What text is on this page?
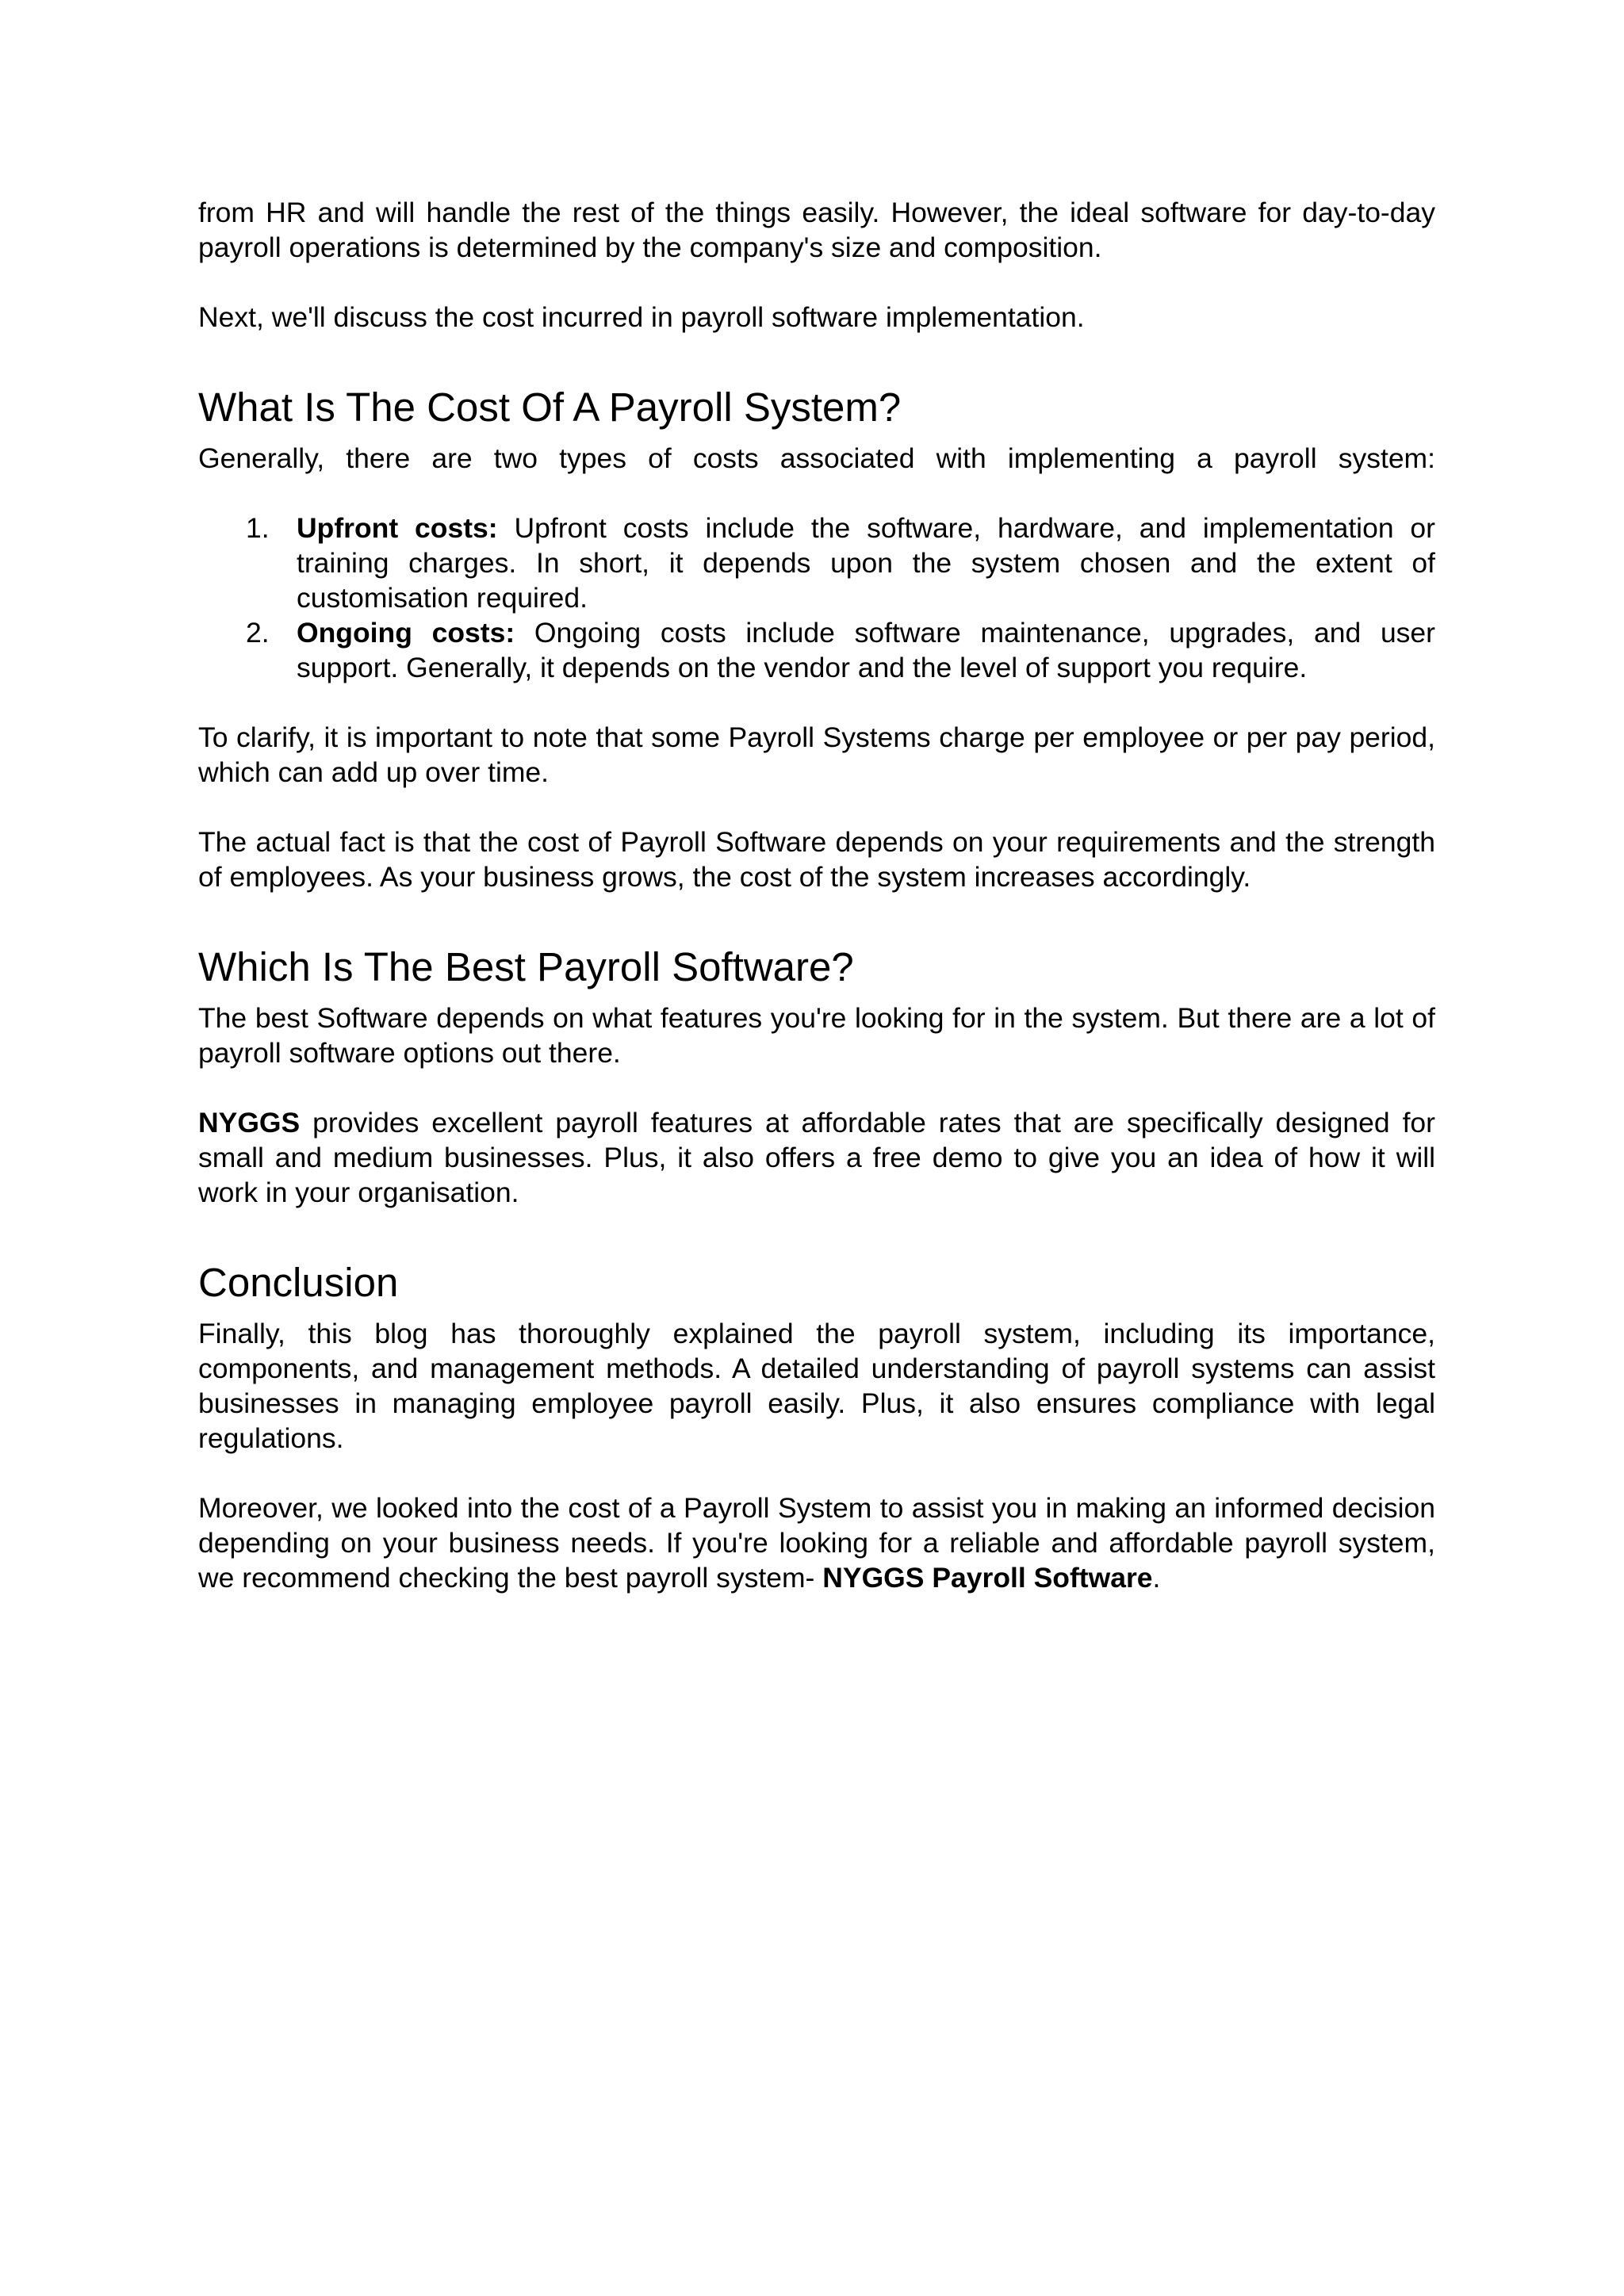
from HR and will handle the rest of the things easily. However, the ideal software for day-to-day payroll operations is determined by the company's size and composition.

Next, we'll discuss the cost incurred in payroll software implementation.

What Is The Cost Of A Payroll System?

Generally, there are two types of costs associated with implementing a payroll system:

1. Upfront costs: Upfront costs include the software, hardware, and implementation or training charges. In short, it depends upon the system chosen and the extent of customisation required.
2. Ongoing costs: Ongoing costs include software maintenance, upgrades, and user support. Generally, it depends on the vendor and the level of support you require.

To clarify, it is important to note that some Payroll Systems charge per employee or per pay period, which can add up over time.

The actual fact is that the cost of Payroll Software depends on your requirements and the strength of employees. As your business grows, the cost of the system increases accordingly.

Which Is The Best Payroll Software?

The best Software depends on what features you're looking for in the system. But there are a lot of payroll software options out there.

NYGGS provides excellent payroll features at affordable rates that are specifically designed for small and medium businesses. Plus, it also offers a free demo to give you an idea of how it will work in your organisation.

Conclusion

Finally, this blog has thoroughly explained the payroll system, including its importance, components, and management methods. A detailed understanding of payroll systems can assist businesses in managing employee payroll easily. Plus, it also ensures compliance with legal regulations.

Moreover, we looked into the cost of a Payroll System to assist you in making an informed decision depending on your business needs. If you're looking for a reliable and affordable payroll system, we recommend checking the best payroll system- NYGGS Payroll Software.
